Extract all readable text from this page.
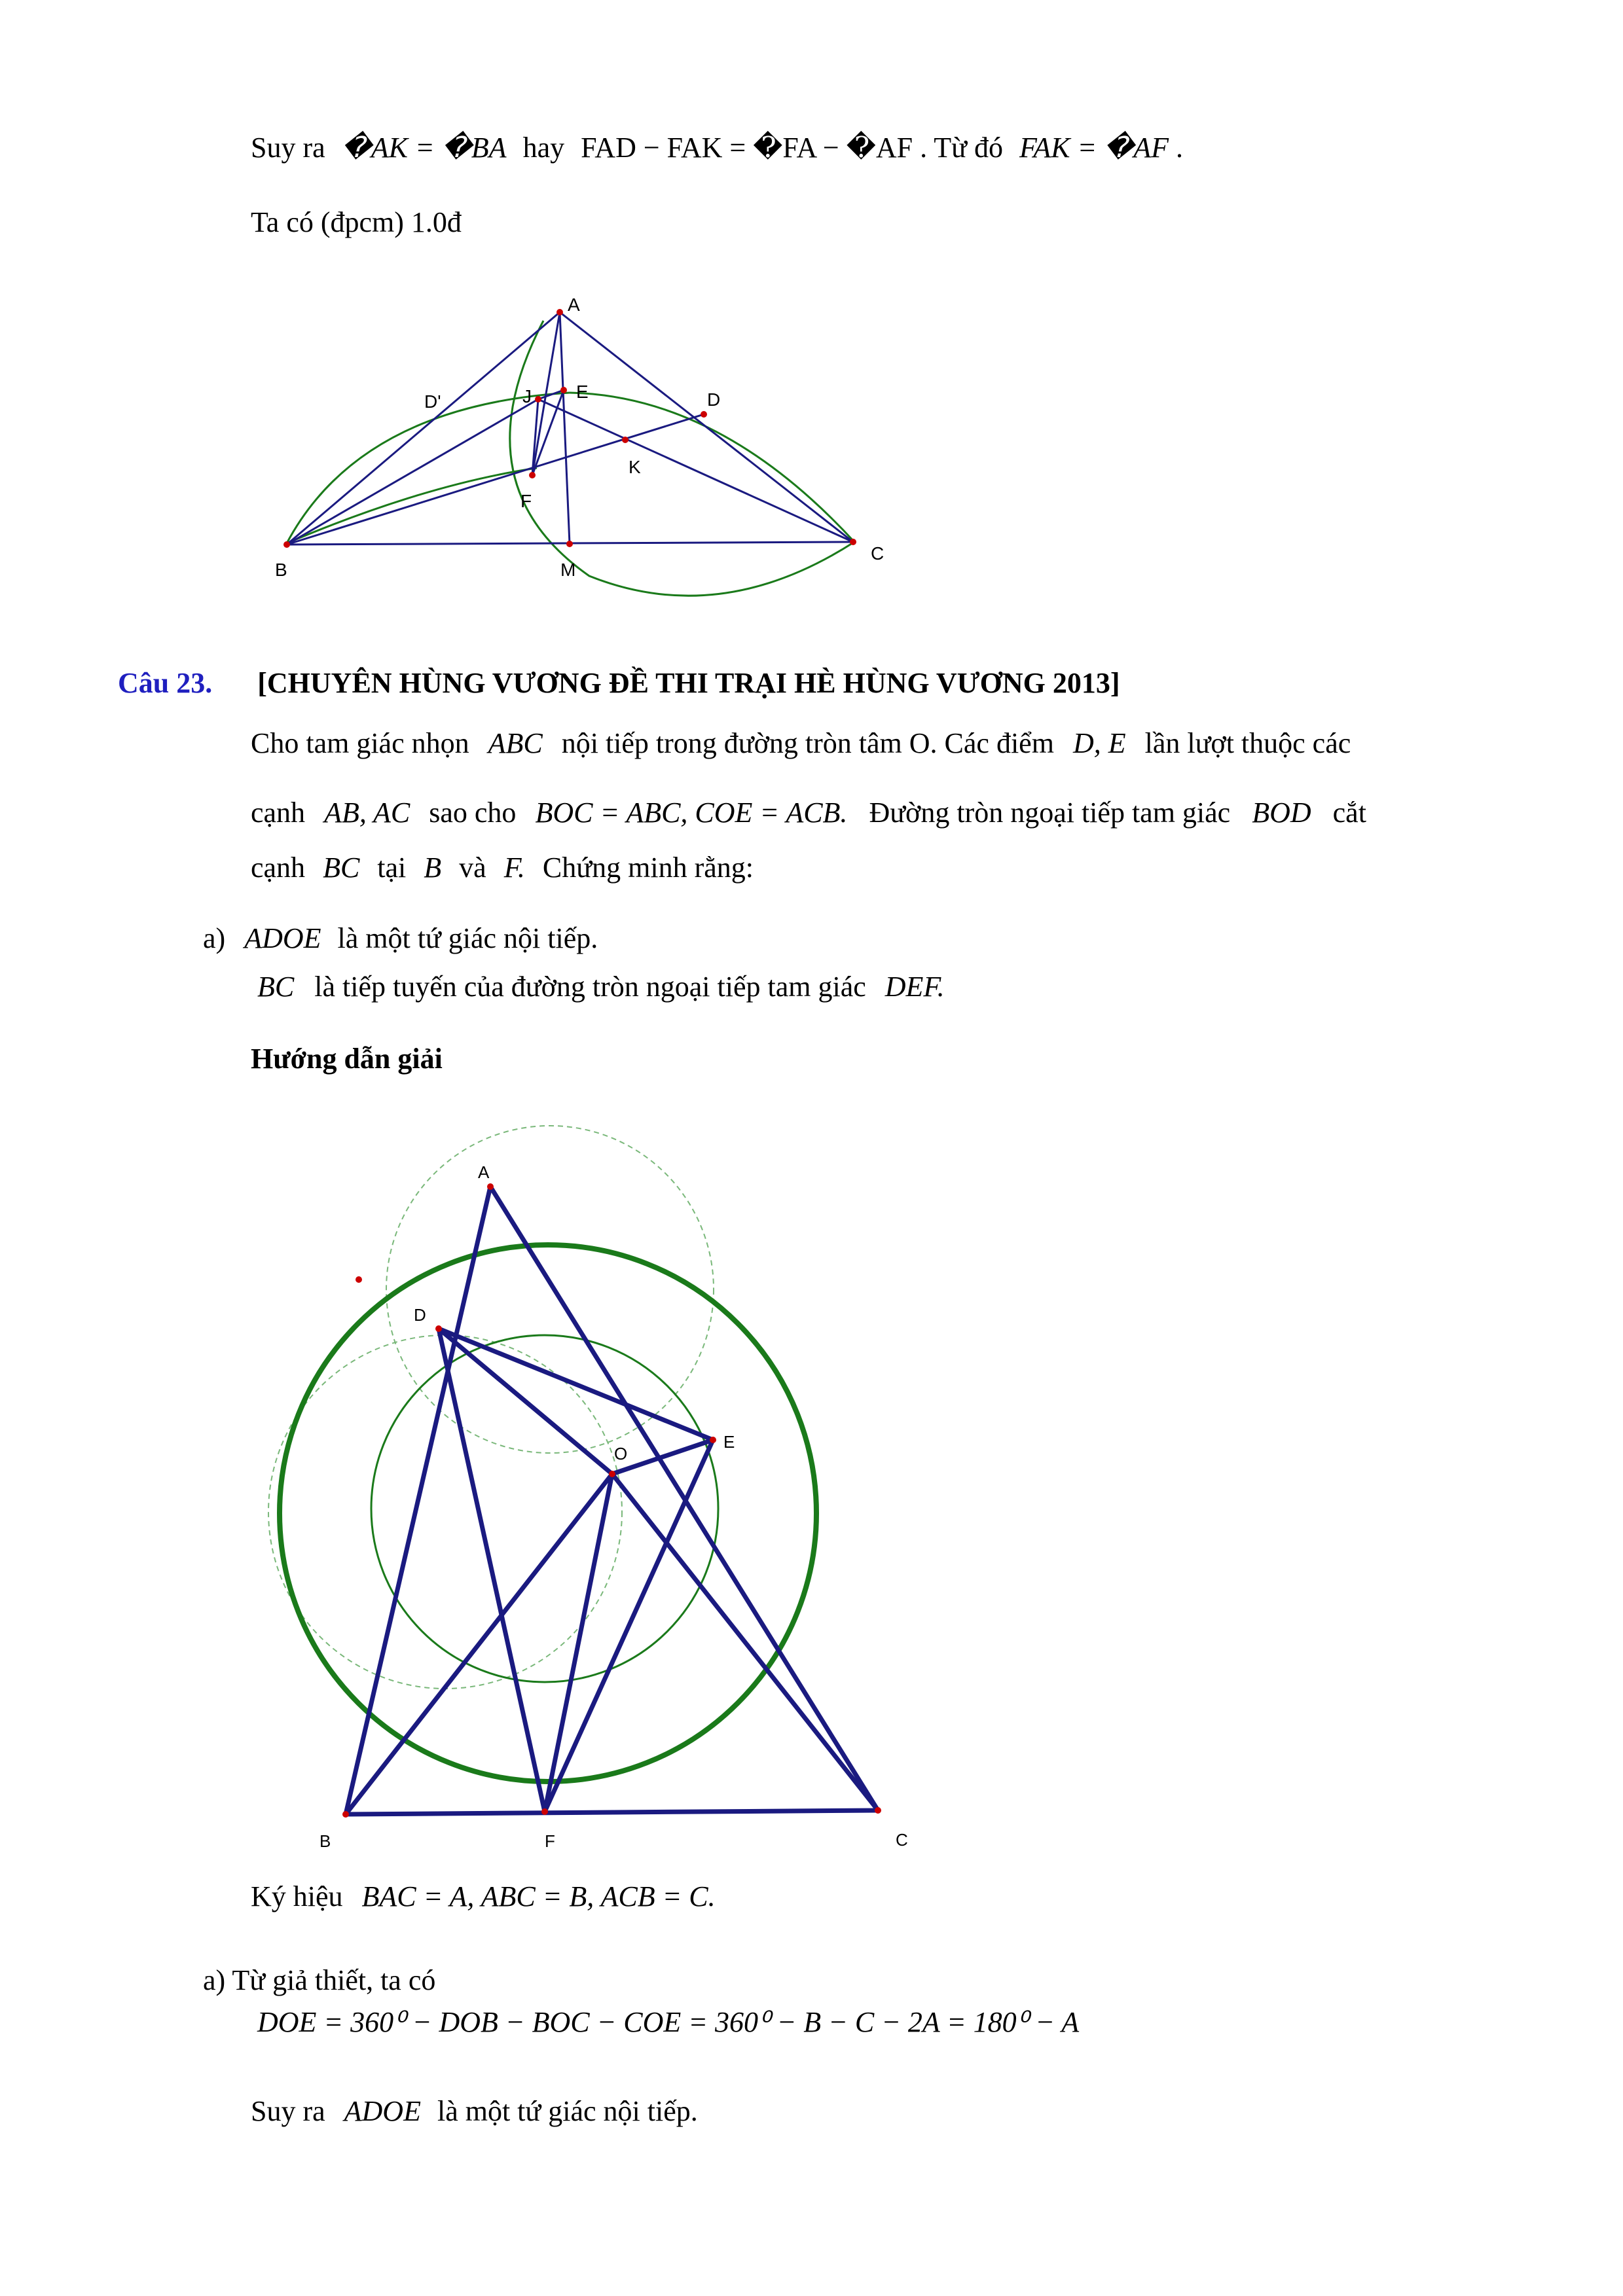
Suy ra �AK = �BA hay FAD − FAK = �FA − �AF . Từ đó FAK = �AF .
Ta có (đpcm) 1.0đ
A
B
C
D
D'	E
F
J
K
M
Câu 23. [CHUYÊN HÙNG VƯƠNG ĐỀ THI TRẠI HÈ HÙNG VƯƠNG 2013]
Cho tam giác nhọn ABC nội tiếp trong đường tròn tâm O. Các điểm D, E lần lượt thuộc các
cạnh AB, AC sao cho BOC = ABC, COE = ACB. Đường tròn ngoại tiếp tam giác BOD cắt
cạnh BC tại B và F. Chứng minh rằng:
a) ADOE là một tứ giác nội tiếp.
BC là tiếp tuyến của đường tròn ngoại tiếp tam giác DEF.
Hướng dẫn giải
A
B	C
D
E
F
O
Ký hiệu BAC = A, ABC = B, ACB = C.
a) Từ giả thiết, ta có
DOE = 360⁰ − DOB − BOC − COE = 360⁰ − B − C − 2A = 180⁰ − A
Suy ra ADOE là một tứ giác nội tiếp.
